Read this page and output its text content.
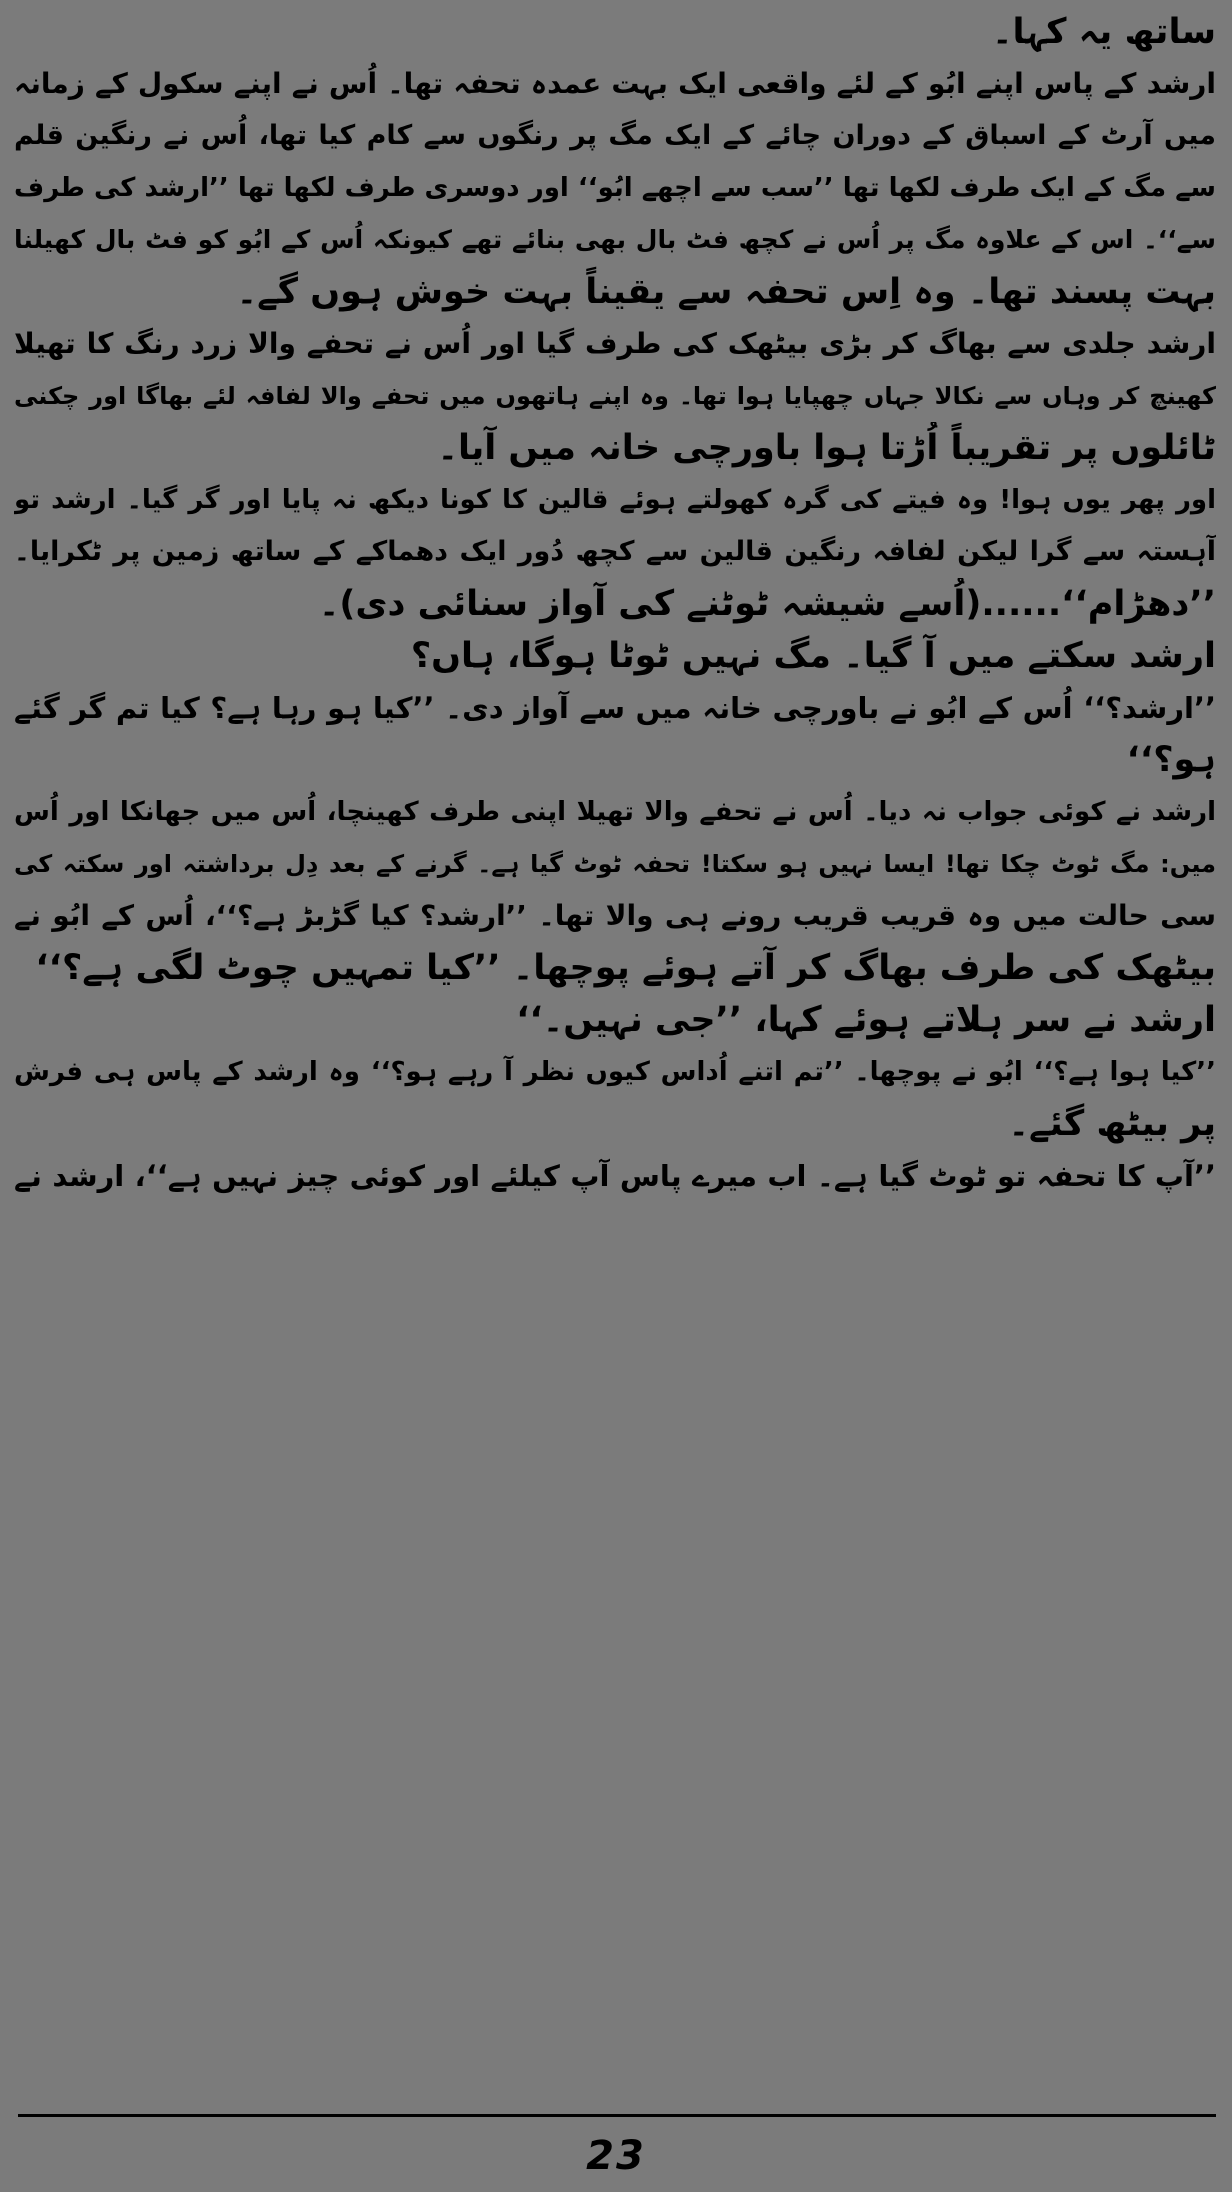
ساتھ یہ کہا۔
ارشد کے پاس اپنے ابُو کے لئے واقعی ایک بہت عمدہ تحفہ تھا۔ اُس نے اپنے سکول کے زمانہ
میں آرٹ کے اسباق کے دوران چائے کے ایک مگ پر رنگوں سے کام کیا تھا، اُس نے رنگین قلم
سے مگ کے ایک طرف لکھا تھا ’’سب سے اچھے ابُو‘‘ اور دوسری طرف لکھا تھا ’’ارشد کی طرف
سے‘‘۔ اس کے علاوہ مگ پر اُس نے کچھ فٹ بال بھی بنائے تھے کیونکہ اُس کے ابُو کو فٹ بال کھیلنا
بہت پسند تھا۔ وہ اِس تحفہ سے یقیناً بہت خوش ہوں گے۔
ارشد جلدی سے بھاگ کر بڑی بیٹھک کی طرف گیا اور اُس نے تحفے والا زرد رنگ کا تھیلا
کھینچ کر وہاں سے نکالا جہاں چھپایا ہوا تھا۔ وہ اپنے ہاتھوں میں تحفے والا لفافہ لئے بھاگا اور چکنی
ٹائلوں پر تقریباً اُڑتا ہوا باورچی خانہ میں آیا۔
اور پھر یوں ہوا! وہ فیتے کی گرہ کھولتے ہوئے قالین کا کونا دیکھ نہ پایا اور گر گیا۔ ارشد تو
آہستہ سے گرا لیکن لفافہ رنگین قالین سے کچھ دُور ایک دھماکے کے ساتھ زمین پر ٹکرایا۔
’’دھڑام‘‘......(اُسے شیشہ ٹوٹنے کی آواز سنائی دی)۔
ارشد سکتے میں آ گیا۔ مگ نہیں ٹوٹا ہوگا، ہاں؟
’’ارشد؟‘‘ اُس کے ابُو نے باورچی خانہ میں سے آواز دی۔ ’’کیا ہو رہا ہے؟ کیا تم گر گئے
ہو؟‘‘
ارشد نے کوئی جواب نہ دیا۔ اُس نے تحفے والا تھیلا اپنی طرف کھینچا، اُس میں جھانکا اور اُس
میں: مگ ٹوٹ چکا تھا! ایسا نہیں ہو سکتا! تحفہ ٹوٹ گیا ہے۔ گرنے کے بعد دِل برداشتہ اور سکتہ کی
سی حالت میں وہ قریب قریب رونے ہی والا تھا۔ ’’ارشد؟ کیا گڑبڑ ہے؟‘‘، اُس کے ابُو نے
بیٹھک کی طرف بھاگ کر آتے ہوئے پوچھا۔ ’’کیا تمہیں چوٹ لگی ہے؟‘‘
ارشد نے سر ہلاتے ہوئے کہا، ’’جی نہیں۔‘‘
’’کیا ہوا ہے؟‘‘ ابُو نے پوچھا۔ ’’تم اتنے اُداس کیوں نظر آ رہے ہو؟‘‘ وہ ارشد کے پاس ہی فرش
پر بیٹھ گئے۔
’’آپ کا تحفہ تو ٹوٹ گیا ہے۔ اب میرے پاس آپ کیلئے اور کوئی چیز نہیں ہے‘‘، ارشد نے
23
